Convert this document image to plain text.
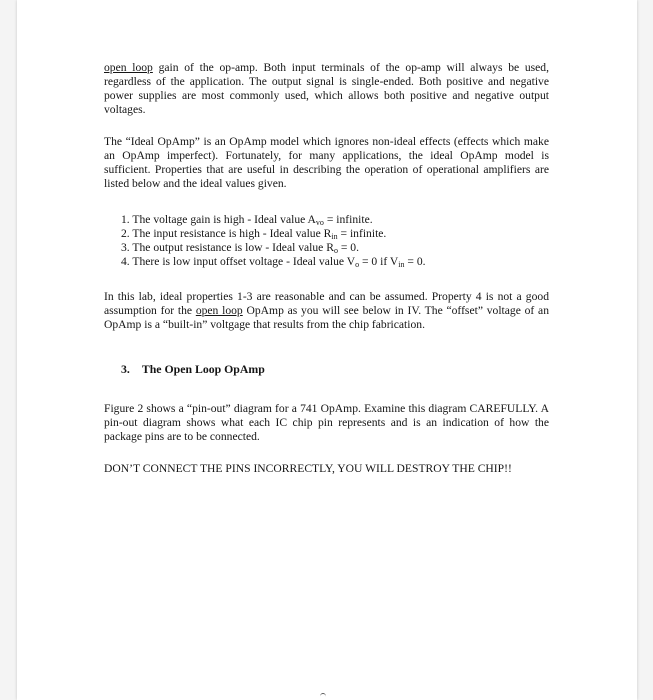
open loop gain of the op-amp. Both input terminals of the op-amp will always be used, regardless of the application. The output signal is single-ended. Both positive and negative power supplies are most commonly used, which allows both positive and negative output voltages.

The “Ideal OpAmp” is an OpAmp model which ignores non-ideal effects (effects which make an OpAmp imperfect). Fortunately, for many applications, the ideal OpAmp model is sufficient. Properties that are useful in describing the operation of operational amplifiers are listed below and the ideal values given.

1. The voltage gain is high - Ideal value $A_{vo}$ = infinite.
2. The input resistance is high - Ideal value $R_{in}$ = infinite.
3. The output resistance is low - Ideal value $R_o = 0$.
4. There is low input offset voltage - Ideal value $V_o = 0$ if $V_{in} = 0$.

In this lab, ideal properties 1-3 are reasonable and can be assumed. Property 4 is not a good assumption for the open loop OpAmp as you will see below in IV. The “offset” voltage of an OpAmp is a “built-in” voltgage that results from the chip fabrication.

3. The Open Loop OpAmp

Figure 2 shows a “pin-out” diagram for a 741 OpAmp. Examine this diagram CAREFULLY. A pin-out diagram shows what each IC chip pin represents and is an indication of how the package pins are to be connected.

DON’T CONNECT THE PINS INCORRECTLY, YOU WILL DESTROY THE CHIP!!
